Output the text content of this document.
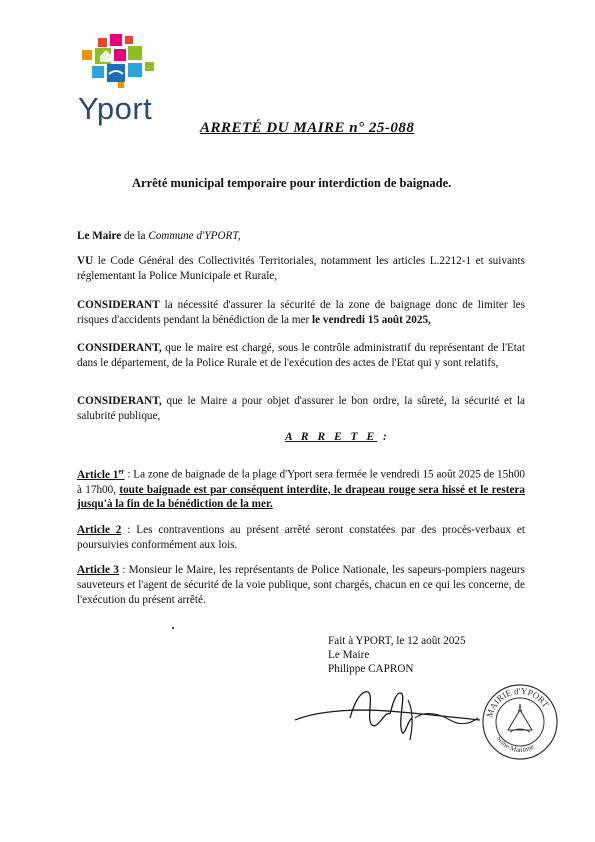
Yport
ARRETÉ DU MAIRE n° 25-088
Arrêté municipal temporaire pour interdiction de baignade.
Le Maire de la Commune d'YPORT,
VU le Code Général des Collectivités Territoriales, notamment les articles L.2212-1 et suivants réglementant la Police Municipale et Rurale,
CONSIDERANT la nécessité d'assurer la sécurité de la zone de baignage donc de limiter les risques d'accidents pendant la bénédiction de la mer le vendredi 15 août 2025,
CONSIDERANT, que le maire est chargé, sous le contrôle administratif du représentant de l'Etat dans le département, de la Police Rurale et de l'exécution des actes de l'Etat qui y sont relatifs,
CONSIDERANT, que le Maire a pour objet d'assurer le bon ordre, la sûreté, la sécurité et la salubrité publique,
A R R E T E :
Article 1er : La zone de baignade de la plage d'Yport sera fermée le vendredi 15 août 2025 de 15h00 à 17h00, toute baignade est par conséquent interdite, le drapeau rouge sera hissé et le restera jusqu'à la fin de la bénédiction de la mer.
Article 2 : Les contraventions au présent arrêté seront constatées par des procès-verbaux et poursuivies conformément aux lois.
Article 3 : Monsieur le Maire, les représentants de Police Nationale, les sapeurs-pompiers nageurs sauveteurs et l'agent de sécurité de la voie publique, sont chargés, chacun en ce qui les concerne, de l'exécution du présent arrêté.
Fait à YPORT, le 12 août 2025
Le Maire
Philippe CAPRON
MAIRIE d'YPORT
Seine-Maritime
